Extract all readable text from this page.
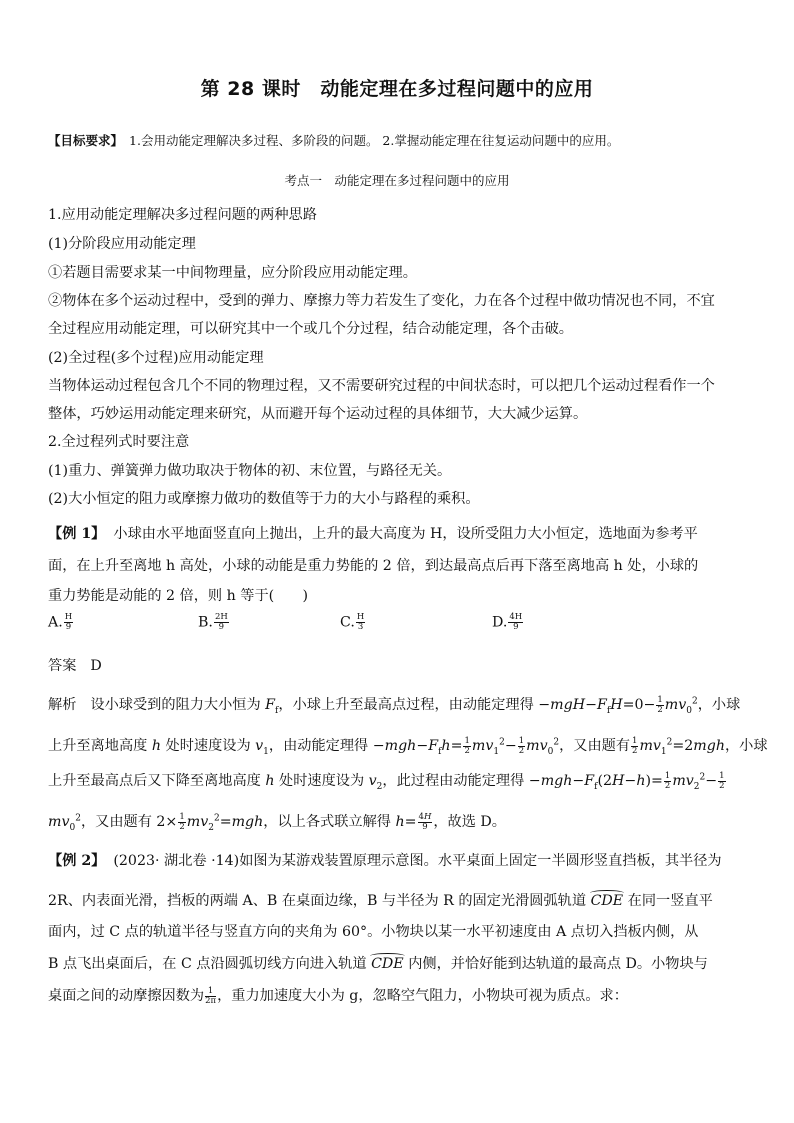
第 28 课时　动能定理在多过程问题中的应用
【目标要求】 1.会用动能定理解决多过程、多阶段的问题。 2.掌握动能定理在往复运动问题中的应用。
考点一　动能定理在多过程问题中的应用
1.应用动能定理解决多过程问题的两种思路
(1)分阶段应用动能定理
①若题目需要求某一中间物理量，应分阶段应用动能定理。
②物体在多个运动过程中，受到的弹力、摩擦力等力若发生了变化，力在各个过程中做功情况也不同，不宜
全过程应用动能定理，可以研究其中一个或几个分过程，结合动能定理，各个击破。
(2)全过程(多个过程)应用动能定理
当物体运动过程包含几个不同的物理过程，又不需要研究过程的中间状态时，可以把几个运动过程看作一个
整体，巧妙运用动能定理来研究，从而避开每个运动过程的具体细节，大大减少运算。
2.全过程列式时要注意
(1)重力、弹簧弹力做功取决于物体的初、末位置，与路径无关。
(2)大小恒定的阻力或摩擦力做功的数值等于力的大小与路程的乘积。
【例 1】 小球由水平地面竖直向上抛出，上升的最大高度为 H，设所受阻力大小恒定，选地面为参考平
面，在上升至离地 h 高处，小球的动能是重力势能的 2 倍，到达最高点后再下落至离地高 h 处，小球的
重力势能是动能的 2 倍，则 h 等于(　　)
A. $\frac{H}{9}$	B. $\frac{2H}{9}$	C. $\frac{H}{3}$	D. $\frac{4H}{9}$
答案 D
解析 设小球受到的阻力大小恒为 $F_f$，小球上升至最高点过程，由动能定理得 $-mgH-F_fH=0- \frac{1}{2} mv_0^2$，小球
上升至离地高度 h 处时速度设为 $v_1$，由动能定理得 $-mgh-F_fh= \frac{1}{2} mv_1^2- \frac{1}{2} mv_0^2$，又由题有 $\frac{1}{2} mv_1^2=2mgh$，小球
上升至最高点后又下降至离地高度 h 处时速度设为 $v_2$，此过程由动能定理得 $-mgh-F_f(2H-h)= \frac{1}{2} mv_2^2- \frac{1}{2}$
$mv_0^2$，又由题有 $2\times \frac{1}{2} mv_2^2=mgh$，以上各式联立解得 $h= \frac{4H}{9}$ ，故选 D。
【例 2】 (2023· 湖北卷 ·14)如图为某游戏装置原理示意图。水平桌面上固定一半圆形竖直挡板，其半径为
2R、内表面光滑，挡板的两端 A、B 在桌面边缘，B 与半径为 R 的固定光滑圆弧轨道 CDE 在同一竖直平
面内，过 C 点的轨道半径与竖直方向的夹角为 60°。小物块以某一水平初速度由 A 点切入挡板内侧，从
B 点飞出桌面后，在 C 点沿圆弧切线方向进入轨道 CDE 内侧，并恰好能到达轨道的最高点 D。小物块与
桌面之间的动摩擦因数为 $\frac{1}{2\pi}$ ，重力加速度大小为 g，忽略空气阻力，小物块可视为质点。求：
